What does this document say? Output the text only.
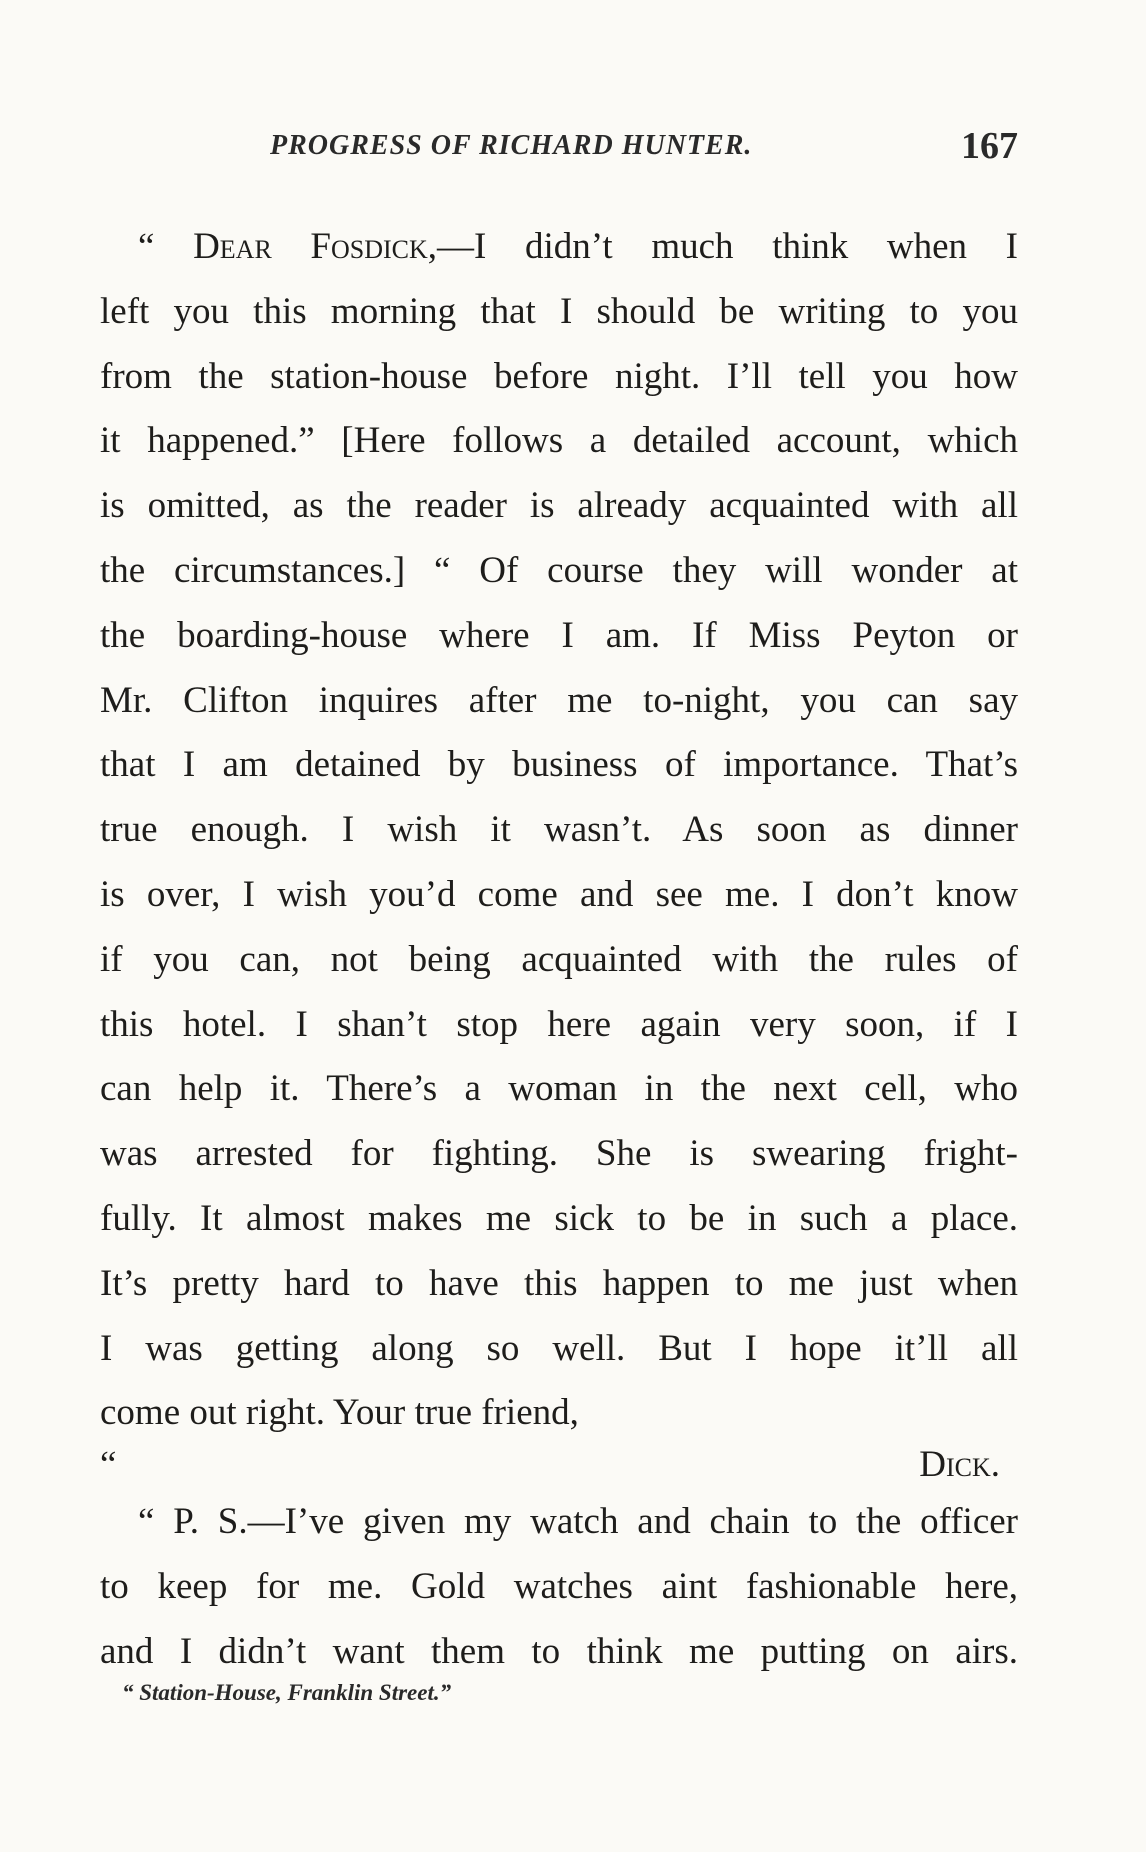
PROGRESS OF RICHARD HUNTER.	167
“ Dear Fosdick,—I didn’t much think when I
left you this morning that I should be writing to you
from the station-house before night. I’ll tell you how
it happened.” [Here follows a detailed account, which
is omitted, as the reader is already acquainted with all
the circumstances.] “ Of course they will wonder at
the boarding-house where I am. If Miss Peyton or
Mr. Clifton inquires after me to-night, you can say
that I am detained by business of importance. That’s
true enough. I wish it wasn’t. As soon as dinner
is over, I wish you’d come and see me. I don’t know
if you can, not being acquainted with the rules of
this hotel. I shan’t stop here again very soon, if I
can help it. There’s a woman in the next cell, who
was arrested for fighting. She is swearing fright-
fully. It almost makes me sick to be in such a place.
It’s pretty hard to have this happen to me just when
I was getting along so well. But I hope it’ll all
come out right. Your true friend,
“ Dick.
“ P. S.—I’ve given my watch and chain to the officer
to keep for me. Gold watches aint fashionable here,
and I didn’t want them to think me putting on airs.
“ Station-House, Franklin Street.”
